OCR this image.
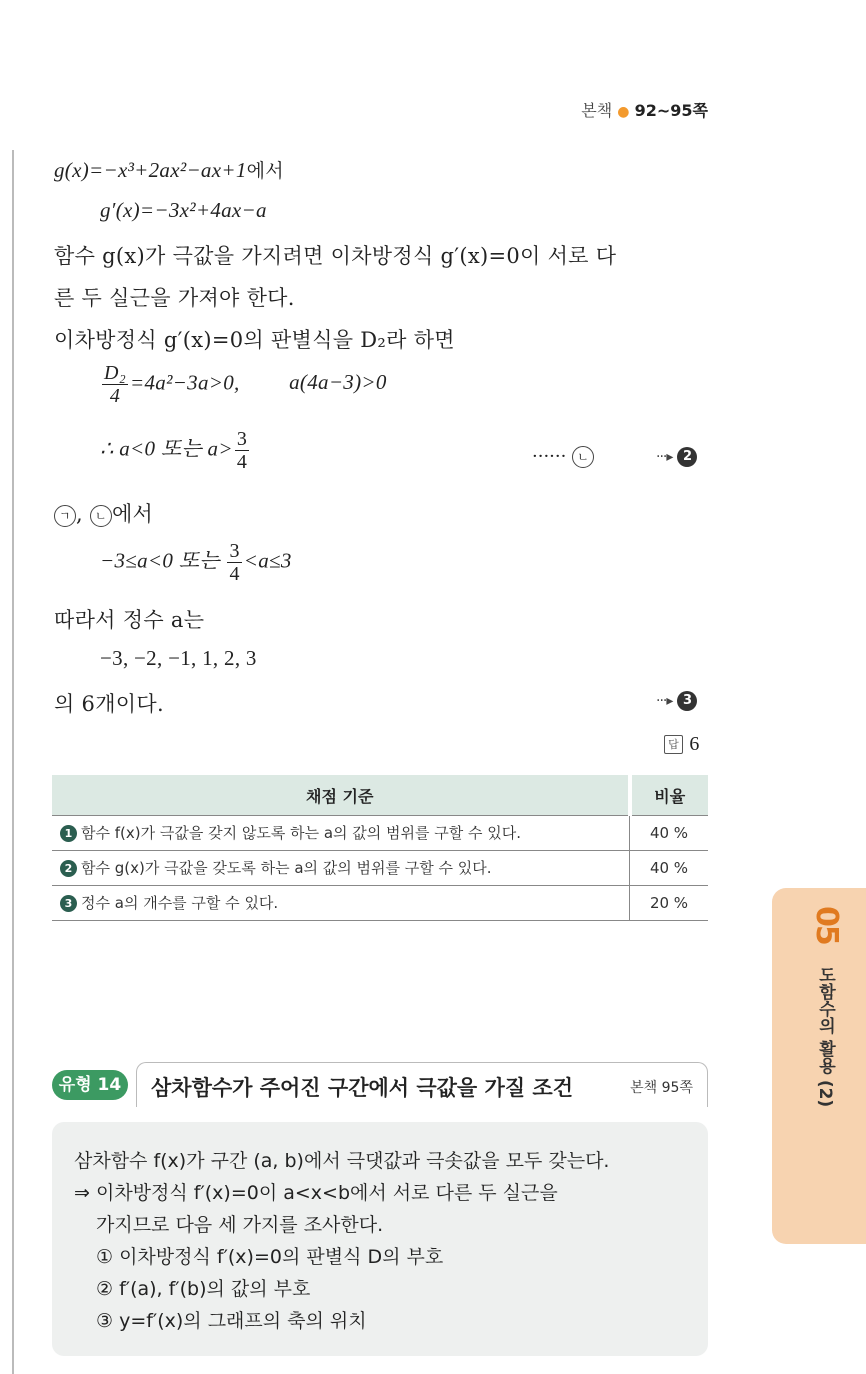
본책 ● 92~95쪽
g(x)=−x³+2ax²−ax+1에서
g′(x)=−3x²+4ax−a
함수 g(x)가 극값을 가지려면 이차방정식 g′(x)=0이 서로 다
른 두 실근을 가져야 한다.
이차방정식 g′(x)=0의 판별식을 D₂라 하면
$\frac{\text{D₂}}{4} =4a^2-3a>0$, a(4a−3)>0
∴ a<0 또는 $a> \frac{3}{4}$	······ ㄴ	···▸ 2
ㄱ , ㄴ 에서
−3≤a<0 또는 $\frac{3}{4} <a\le 3$
따라서 정수 a는
−3, −2, −1, 1, 2, 3
의 6개이다.	···▸ 3
답 6
채점 기준	비율
1 함수 f(x)가 극값을 갖지 않도록 하는 a의 값의 범위를 구할 수 있다.	40 %
2 함수 g(x)가 극값을 갖도록 하는 a의 값의 범위를 구할 수 있다.	40 %
3 정수 a의 개수를 구할 수 있다.	20 %
05
도함수의 활용 (2)
유형 14	삼차함수가 주어진 구간에서 극값을 가질 조건	본책 95쪽
삼차함수 f(x)가 구간 (a, b)에서 극댓값과 극솟값을 모두 갖는다.
⇒ 이차방정식 f′(x)=0이 a<x<b에서 서로 다른 두 실근을
가지므로 다음 세 가지를 조사한다.
① 이차방정식 f′(x)=0의 판별식 D의 부호
② f′(a), f′(b)의 값의 부호
③ y=f′(x)의 그래프의 축의 위치
